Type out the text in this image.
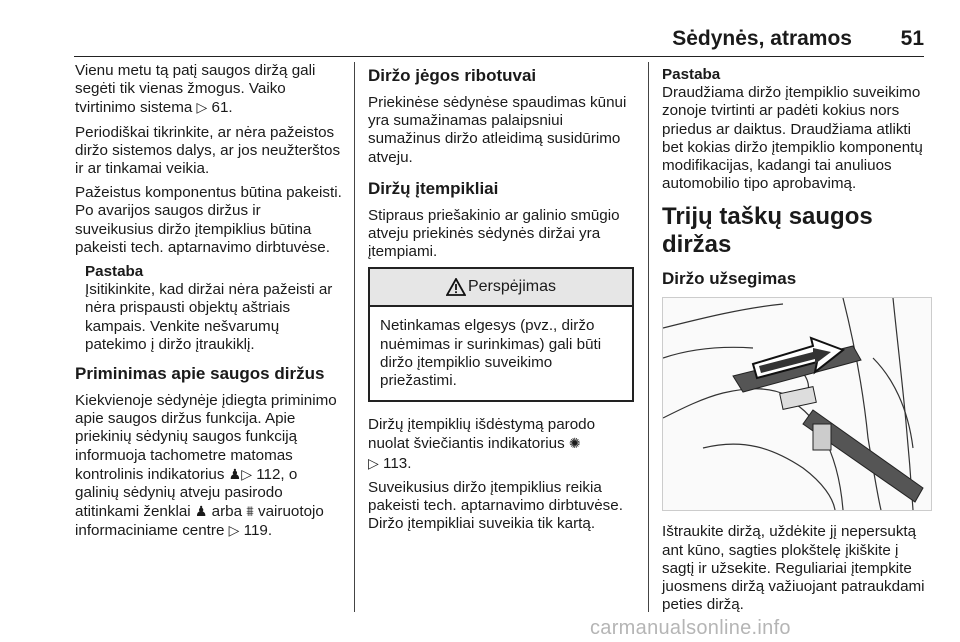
Sėdynės, atramos 51

Vienu metu tą patį saugos diržą gali segėti tik vienas žmogus. Vaiko tvirtinimo sistema ▷ 61.

Periodiškai tikrinkite, ar nėra pažeistos diržo sistemos dalys, ar jos neužterštos ir ar tinkamai veikia.

Pažeistus komponentus būtina pakeisti. Po avarijos saugos diržus ir suveikusius diržo įtempiklius būtina pakeisti tech. aptarnavimo dirbtuvėse.

Pastaba
Įsitikinkite, kad diržai nėra pažeisti ar nėra prispausti objektų aštriais kampais. Venkite nešvarumų patekimo į diržo įtraukiklį.
Priminimas apie saugos diržus

Kiekvienoje sėdynėje įdiegta priminimo apie saugos diržus funkcija. Apie priekinių sėdynių saugos funkciją informuoja tachometre matomas kontrolinis indikatorius ♟▷ 112, o galinių sėdynių atveju pasirodo atitinkami ženklai ♟ arba ⩩ vairuotojo informaciniame centre ▷ 119.

Diržo jėgos ribotuvai

Priekinėse sėdynėse spaudimas kūnui yra sumažinamas palaipsniui sumažinus diržo atleidimą susidūrimo atveju.

Diržų įtempikliai

Stipraus priešakinio ar galinio smūgio atveju priekinės sėdynės diržai yra įtempiami.

Perspėjimas
Netinkamas elgesys (pvz., diržo nuėmimas ir surinkimas) gali būti diržo įtempiklio suveikimo priežastimi.

Diržų įtempiklių išdėstymą parodo nuolat šviečiantis indikatorius ✺
▷ 113.

Suveikusius diržo įtempiklius reikia pakeisti tech. aptarnavimo dirbtuvėse. Diržo įtempikliai suveikia tik kartą.

Pastaba
Draudžiama diržo įtempiklio suveikimo zonoje tvirtinti ar padėti kokius nors priedus ar daiktus. Draudžiama atlikti bet kokias diržo įtempiklio komponentų modifikacijas, kadangi tai anuliuos automobilio tipo aprobavimą.
Trijų taškų saugos diržas
Diržo užsegimas

Ištraukite diržą, uždėkite jį nepersuktą ant kūno, sagties plokštelę įkiškite į sagtį ir užsekite. Reguliariai įtempkite juosmens diržą važiuojant patraukdami peties diržą.

carmanualsonline.info
